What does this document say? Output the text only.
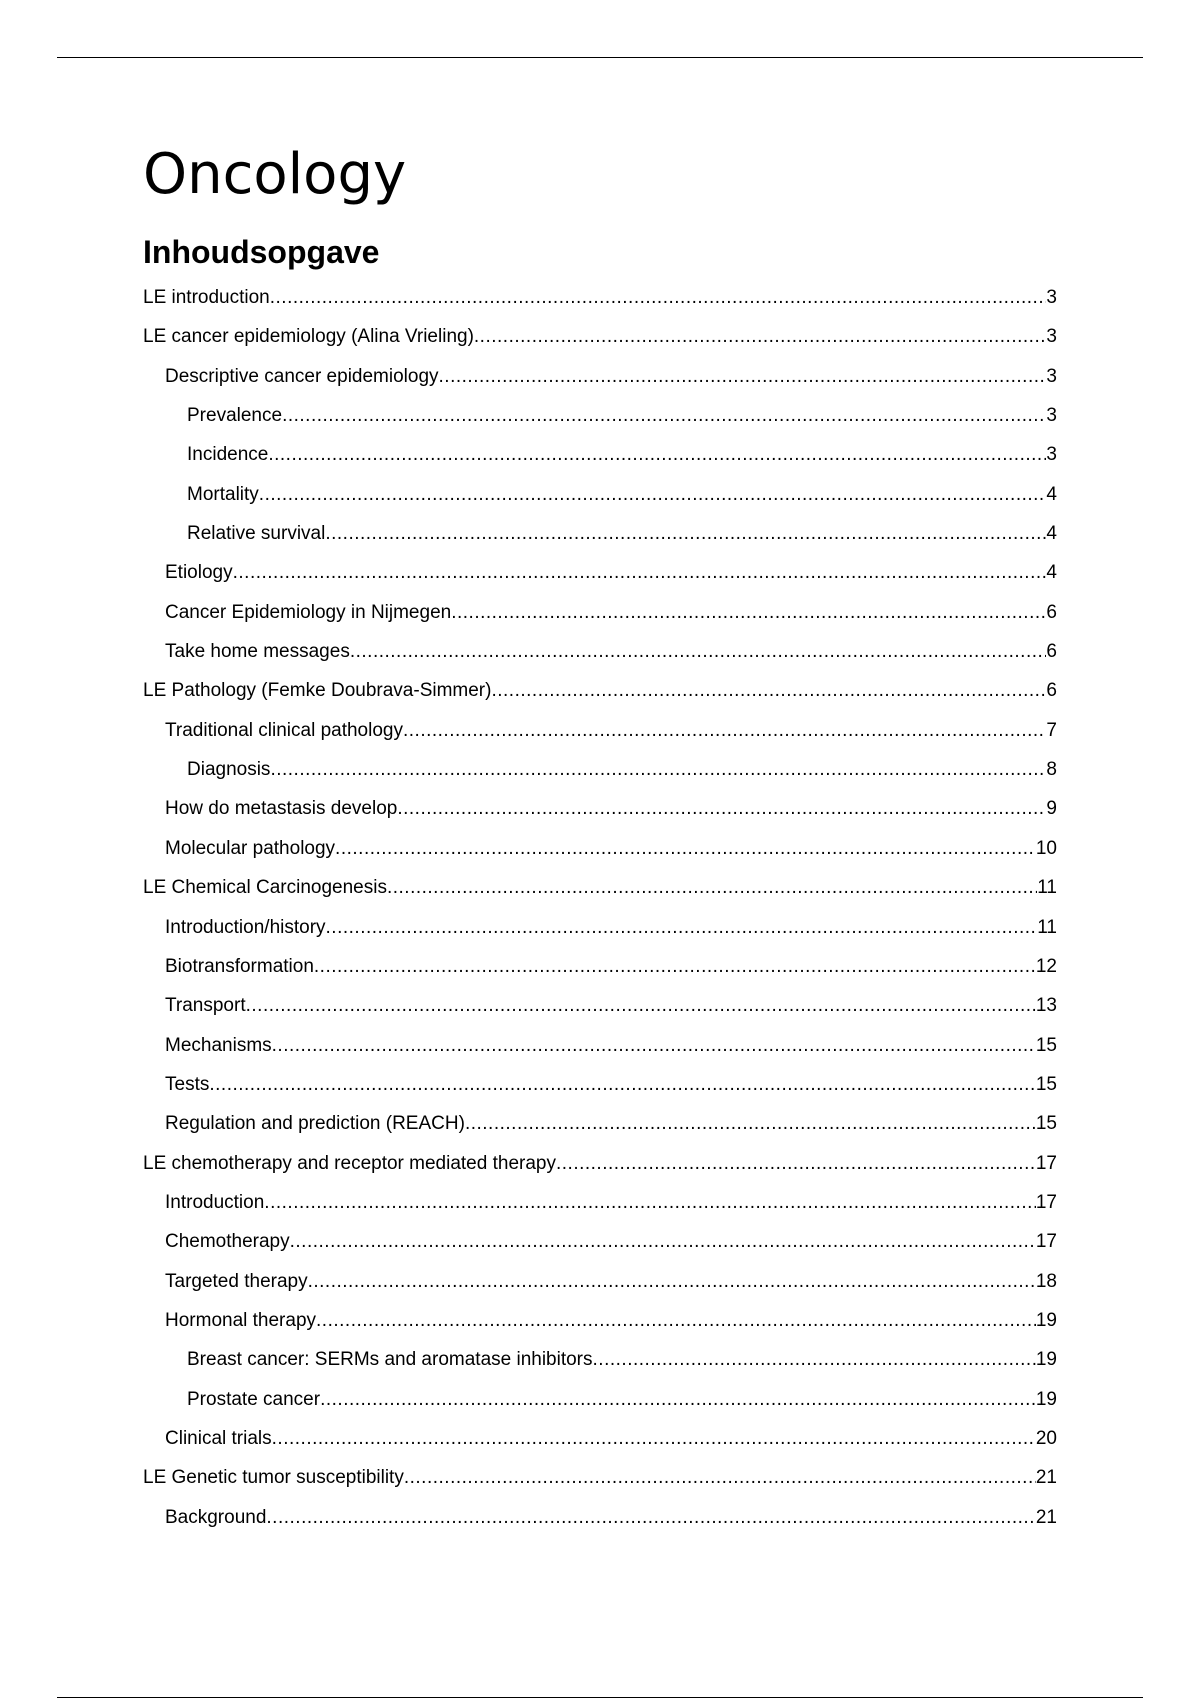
Oncology
Inhoudsopgave
LE introduction .....	3
LE cancer epidemiology (Alina Vrieling) .....	3
Descriptive cancer epidemiology .....	3
Prevalence .....	3
Incidence .....	3
Mortality .....	4
Relative survival .....	4
Etiology .....	4
Cancer Epidemiology in Nijmegen .....	6
Take home messages .....	6
LE Pathology (Femke Doubrava-Simmer) .....	6
Traditional clinical pathology .....	7
Diagnosis .....	8
How do metastasis develop .....	9
Molecular pathology .....	10
LE Chemical Carcinogenesis .....	11
Introduction/history .....	11
Biotransformation .....	12
Transport .....	13
Mechanisms .....	15
Tests .....	15
Regulation and prediction (REACH) .....	15
LE chemotherapy and receptor mediated therapy .....	17
Introduction .....	17
Chemotherapy .....	17
Targeted therapy .....	18
Hormonal therapy .....	19
Breast cancer: SERMs and aromatase inhibitors .....	19
Prostate cancer .....	19
Clinical trials .....	20
LE Genetic tumor susceptibility .....	21
Background .....	21
